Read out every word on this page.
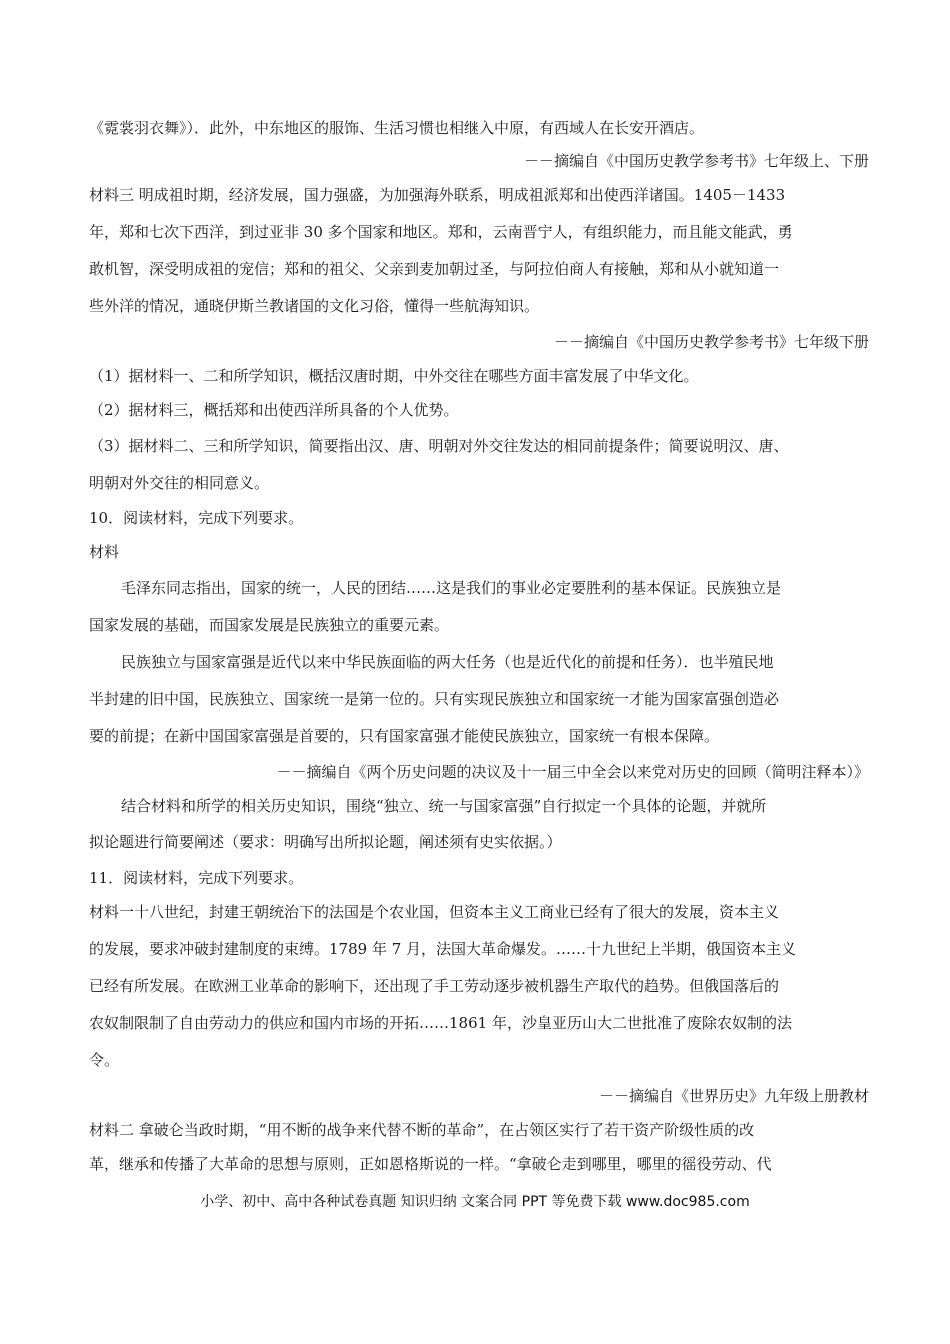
《霓裳羽衣舞》）．此外，中东地区的服饰、生活习惯也相继入中原，有西域人在长安开酒店。
－－摘编自《中国历史教学参考书》七年级上、下册
材料三 明成祖时期，经济发展，国力强盛，为加强海外联系，明成祖派郑和出使西洋诸国。1405－1433
年，郑和七次下西洋，到过亚非 30 多个国家和地区。郑和，云南晋宁人，有组织能力，而且能文能武，勇
敢机智，深受明成祖的宠信；郑和的祖父、父亲到麦加朝过圣，与阿拉伯商人有接触，郑和从小就知道一
些外洋的情况，通晓伊斯兰教诸国的文化习俗，懂得一些航海知识。
－－摘编自《中国历史教学参考书》七年级下册
（1）据材料一、二和所学知识，概括汉唐时期，中外交往在哪些方面丰富发展了中华文化。
（2）据材料三，概括郑和出使西洋所具备的个人优势。
（3）据材料二、三和所学知识，简要指出汉、唐、明朝对外交往发达的相同前提条件；简要说明汉、唐、
明朝对外交往的相同意义。
10．阅读材料，完成下列要求。
材料
毛泽东同志指出，国家的统一，人民的团结……这是我们的事业必定要胜利的基本保证。民族独立是
国家发展的基础，而国家发展是民族独立的重要元素。
民族独立与国家富强是近代以来中华民族面临的两大任务（也是近代化的前提和任务）．也半殖民地
半封建的旧中国，民族独立、国家统一是第一位的。只有实现民族独立和国家统一才能为国家富强创造必
要的前提；在新中国国家富强是首要的，只有国家富强才能使民族独立，国家统一有根本保障。
－－摘编自《两个历史问题的决议及十一届三中全会以来党对历史的回顾（简明注释本）》
结合材料和所学的相关历史知识，围绕“独立、统一与国家富强”自行拟定一个具体的论题，并就所
拟论题进行简要阐述（要求：明确写出所拟论题，阐述须有史实依据。）
11．阅读材料，完成下列要求。
材料一十八世纪，封建王朝统治下的法国是个农业国，但资本主义工商业已经有了很大的发展，资本主义
的发展，要求冲破封建制度的束缚。1789 年 7 月，法国大革命爆发。……十九世纪上半期，俄国资本主义
已经有所发展。在欧洲工业革命的影响下，还出现了手工劳动逐步被机器生产取代的趋势。但俄国落后的
农奴制限制了自由劳动力的供应和国内市场的开拓……1861 年，沙皇亚历山大二世批准了废除农奴制的法
令。
－－摘编自《世界历史》九年级上册教材
材料二 拿破仑当政时期，“用不断的战争来代替不断的革命”，在占领区实行了若干资产阶级性质的改
革，继承和传播了大革命的思想与原则，正如恩格斯说的一样。“拿破仑走到哪里，哪里的徭役劳动、代
小学、初中、高中各种试卷真题 知识归纳 文案合同 PPT 等免费下载 www.doc985.com
